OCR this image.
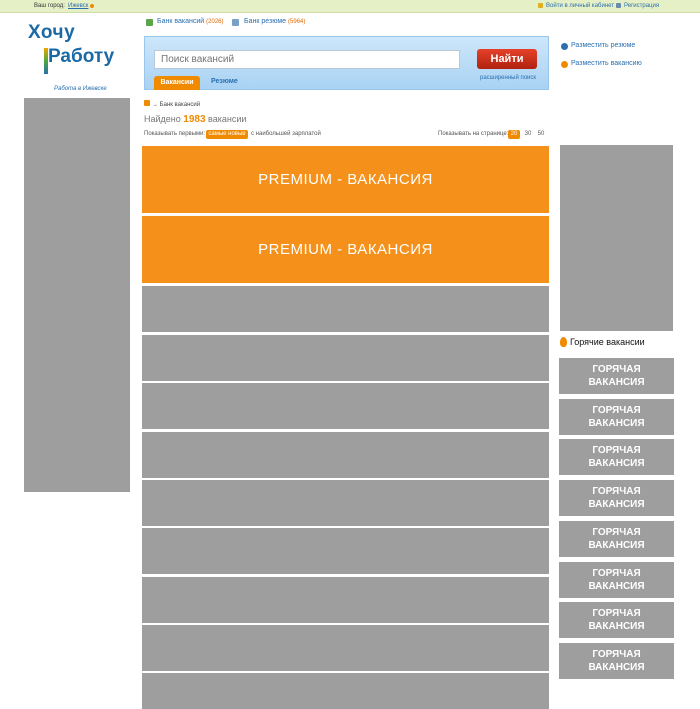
Ваш город: Ижевск	Войти в личный кабинет Регистрация
Хочу
Работу
Работа в Ижевске
Банк вакансий (2026)	Банк резюме (5964)
Поиск вакансий
Найти
расширенный поиск
Вакансии	Резюме
Разместить резюме
Разместить вакансию
→ Банк вакансий
Найдено 1983 вакансии
Показывать первыми: самые новые с наибольшей зарплатой	Показывать на странице: 20	30	50
PREMIUM - ВАКАНСИЯ
PREMIUM - ВАКАНСИЯ
Горячие вакансии
ГОРЯЧАЯ
ВАКАНСИЯ
ГОРЯЧАЯ
ВАКАНСИЯ
ГОРЯЧАЯ
ВАКАНСИЯ
ГОРЯЧАЯ
ВАКАНСИЯ
ГОРЯЧАЯ
ВАКАНСИЯ
ГОРЯЧАЯ
ВАКАНСИЯ
ГОРЯЧАЯ
ВАКАНСИЯ
ГОРЯЧАЯ
ВАКАНСИЯ
